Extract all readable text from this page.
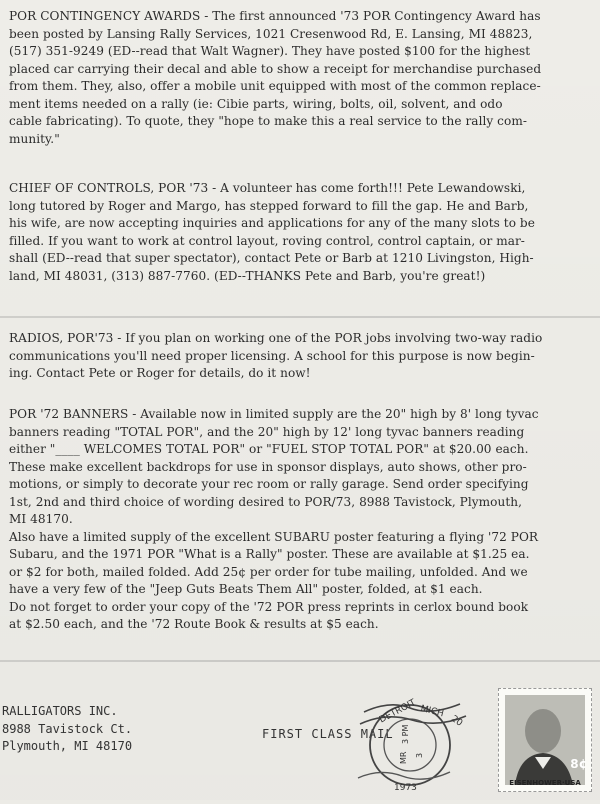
POR CONTINGENCY AWARDS - The first announced '73 POR Contingency Award has
been posted by Lansing Rally Services, 1021 Cresenwood Rd, E. Lansing, MI 48823,
(517) 351-9249 (ED--read that Walt Wagner). They have posted $100 for the highest
placed car carrying their decal and able to show a receipt for merchandise purchased
from them. They, also, offer a mobile unit equipped with most of the common replace-
ment items needed on a rally (ie: Cibie parts, wiring, bolts, oil, solvent, and odo
cable fabricating). To quote, they "hope to make this a real service to the rally com-
munity."
CHIEF OF CONTROLS, POR '73 - A volunteer has come forth!!! Pete Lewandowski,
long tutored by Roger and Margo, has stepped forward to fill the gap. He and Barb,
his wife, are now accepting inquiries and applications for any of the many slots to be
filled. If you want to work at control layout, roving control, control captain, or mar-
shall (ED--read that super spectator), contact Pete or Barb at 1210 Livingston, High-
land, MI 48031, (313) 887-7760. (ED--THANKS Pete and Barb, you're great!)
RADIOS, POR'73 - If you plan on working one of the POR jobs involving two-way radio
communications you'll need proper licensing. A school for this purpose is now begin-
ing. Contact Pete or Roger for details, do it now!
POR '72 BANNERS - Available now in limited supply are the 20" high by 8' long tyvac
banners reading "TOTAL POR", and the 20" high by 12' long tyvac banners reading
either "____ WELCOMES TOTAL POR" or "FUEL STOP TOTAL POR" at $20.00 each.
These make excellent backdrops for use in sponsor displays, auto shows, other pro-
motions, or simply to decorate your rec room or rally garage. Send order specifying
1st, 2nd and third choice of wording desired to POR/73, 8988 Tavistock, Plymouth,
MI 48170.
Also have a limited supply of the excellent SUBARU poster featuring a flying '72 POR
Subaru, and the 1971 POR "What is a Rally" poster. These are available at $1.25 ea.
or $2 for both, mailed folded. Add 25¢ per order for tube mailing, unfolded. And we
have a very few of the "Jeep Guts Beats Them All" poster, folded, at $1 each.
Do not forget to order your copy of the '72 POR press reprints in cerlox bound book
at $2.50 each, and the '72 Route Book & results at $5 each.
RALLIGATORS INC.
8988 Tavistock Ct.
Plymouth, MI 48170
FIRST CLASS MAIL
DETROIT MICH
20
3 PM
MR 3
1973
8¢
EISENHOWER·USA
